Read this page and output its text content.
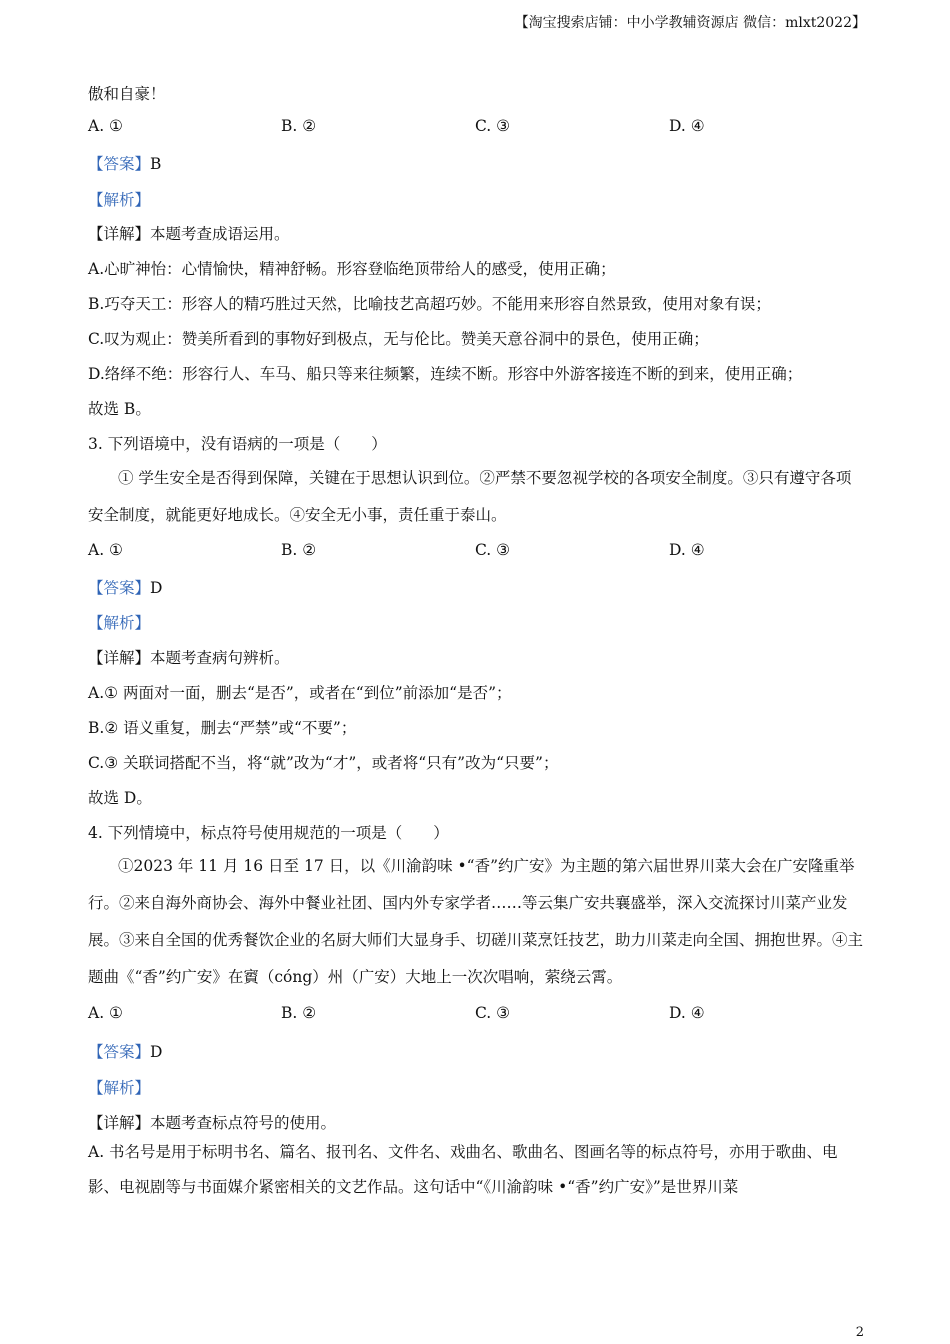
【淘宝搜索店铺：中小学教辅资源店 微信：mlxt2022】
傲和自豪！
A. ①	B. ②	C. ③	D. ④
【答案】B
【解析】
【详解】本题考查成语运用。
A.心旷神怡：心情愉快，精神舒畅。形容登临绝顶带给人的感受，使用正确；
B.巧夺天工：形容人的精巧胜过天然，比喻技艺高超巧妙。不能用来形容自然景致，使用对象有误；
C.叹为观止：赞美所看到的事物好到极点，无与伦比。赞美天意谷洞中的景色，使用正确；
D.络绎不绝：形容行人、车马、船只等来往频繁，连续不断。形容中外游客接连不断的到来，使用正确；
故选 B。
3. 下列语境中，没有语病的一项是（　　）
① 学生安全是否得到保障，关键在于思想认识到位。②严禁不要忽视学校的各项安全制度。③只有遵守各项安全制度，就能更好地成长。④安全无小事，责任重于泰山。
A. ①	B. ②	C. ③	D. ④
【答案】D
【解析】
【详解】本题考查病句辨析。
A.① 两面对一面，删去“是否”，或者在“到位”前添加“是否”；
B.② 语义重复，删去“严禁”或“不要”；
C.③ 关联词搭配不当，将“就”改为“才”，或者将“只有”改为“只要”；
故选 D。
4. 下列情境中，标点符号使用规范的一项是（　　）
①2023 年 11 月 16 日至 17 日，以《川渝韵味 •“香”约广安》为主题的第六届世界川菜大会在广安隆重举行。②来自海外商协会、海外中餐业社团、国内外专家学者……等云集广安共襄盛举，深入交流探讨川菜产业发展。③来自全国的优秀餐饮企业的名厨大师们大显身手、切磋川菜烹饪技艺，助力川菜走向全国、拥抱世界。④主题曲《“香”约广安》在賨（cóng）州（广安）大地上一次次唱响，萦绕云霄。
A. ①	B. ②	C. ③	D. ④
【答案】D
【解析】
【详解】本题考查标点符号的使用。
A. 书名号是用于标明书名、篇名、报刊名、文件名、戏曲名、歌曲名、图画名等的标点符号，亦用于歌曲、电影、电视剧等与书面媒介紧密相关的文艺作品。这句话中“《川渝韵味 •“香”约广安》”是世界川菜
2
